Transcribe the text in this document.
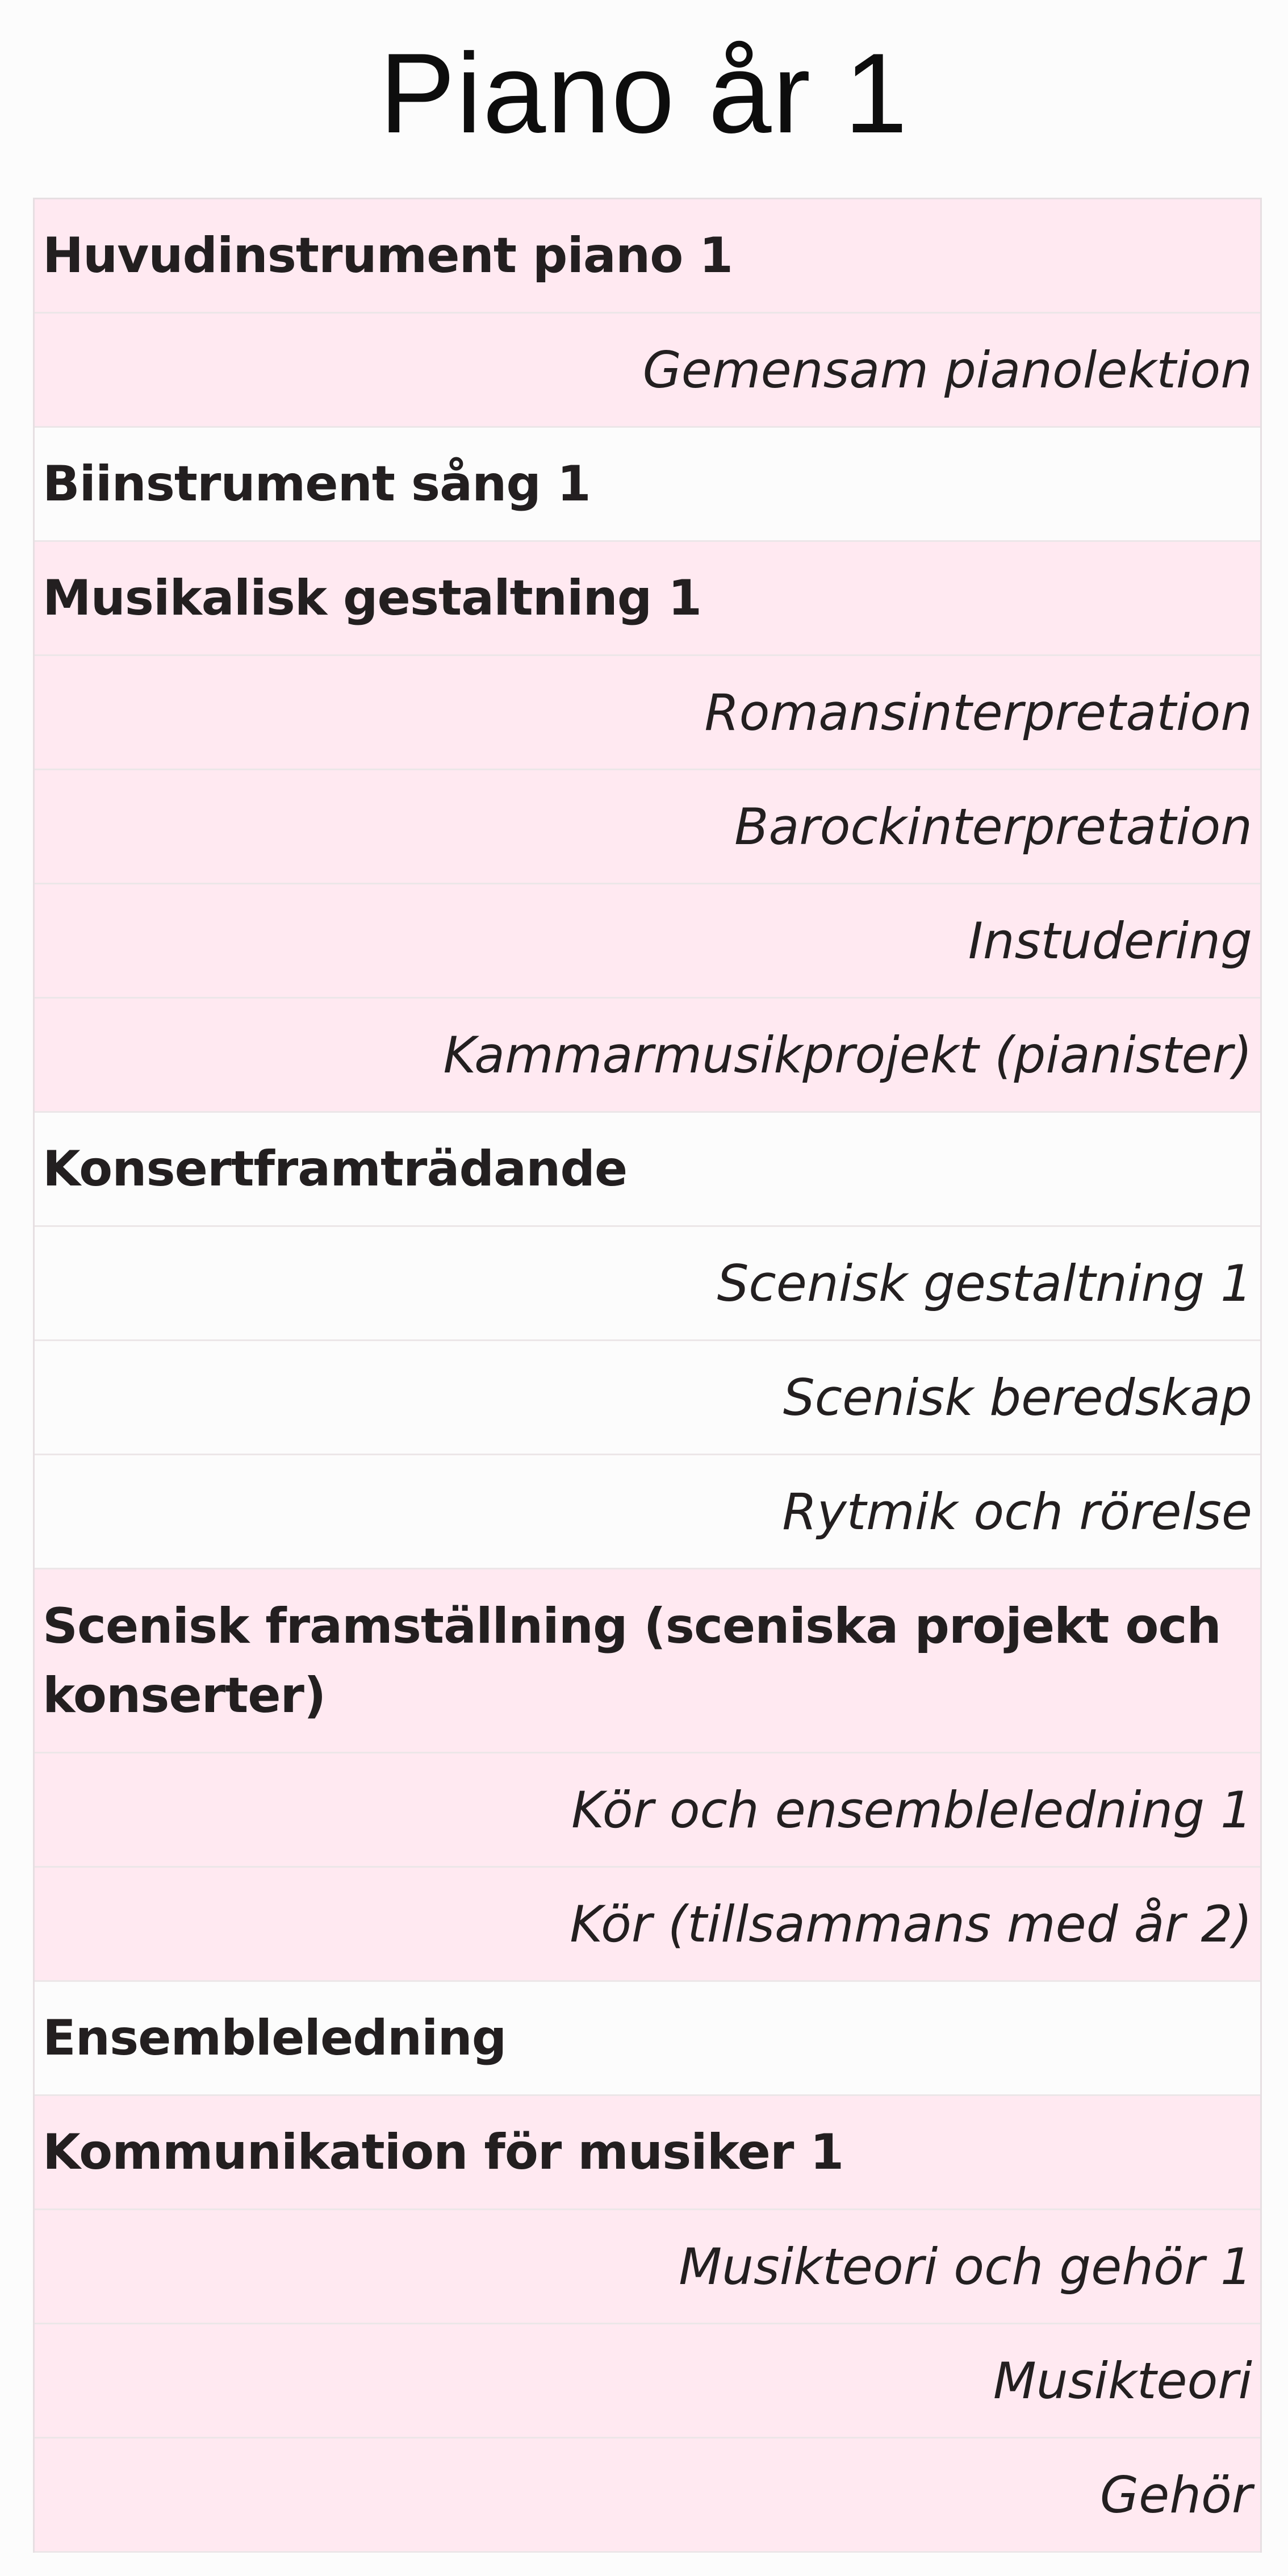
Piano år 1
Huvudinstrument piano 1
Gemensam pianolektion
Biinstrument sång 1
Musikalisk gestaltning 1
Romansinterpretation
Barockinterpretation
Instudering
Kammarmusikprojekt (pianister)
Konsertframträdande
Scenisk gestaltning 1
Scenisk beredskap
Rytmik och rörelse
Scenisk framställning (sceniska projekt och konserter)
Kör och ensembleledning 1
Kör (tillsammans med år 2)
Ensembleledning
Kommunikation för musiker 1
Musikteori och gehör 1
Musikteori
Gehör
